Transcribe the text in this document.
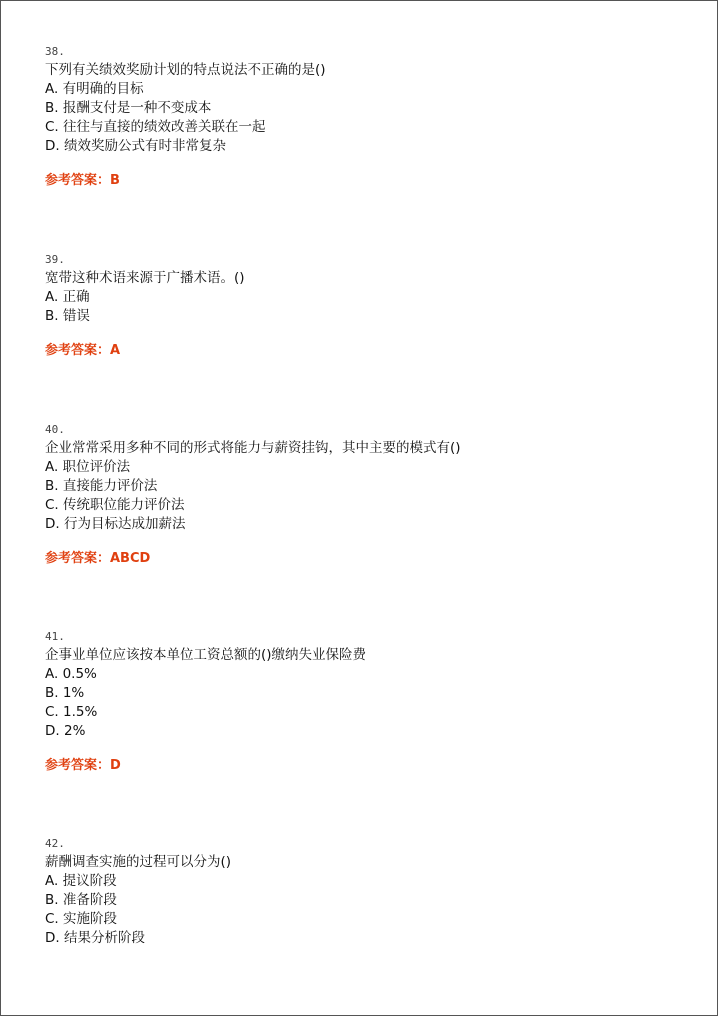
38.
下列有关绩效奖励计划的特点说法不正确的是()
A. 有明确的目标
B. 报酬支付是一种不变成本
C. 往往与直接的绩效改善关联在一起
D. 绩效奖励公式有时非常复杂
参考答案：B
39.
宽带这种术语来源于广播术语。()
A. 正确
B. 错误
参考答案：A
40.
企业常常采用多种不同的形式将能力与薪资挂钩，其中主要的模式有()
A. 职位评价法
B. 直接能力评价法
C. 传统职位能力评价法
D. 行为目标达成加薪法
参考答案：ABCD
41.
企事业单位应该按本单位工资总额的()缴纳失业保险费
A. 0.5%
B. 1%
C. 1.5%
D. 2%
参考答案：D
42.
薪酬调查实施的过程可以分为()
A. 提议阶段
B. 准备阶段
C. 实施阶段
D. 结果分析阶段
